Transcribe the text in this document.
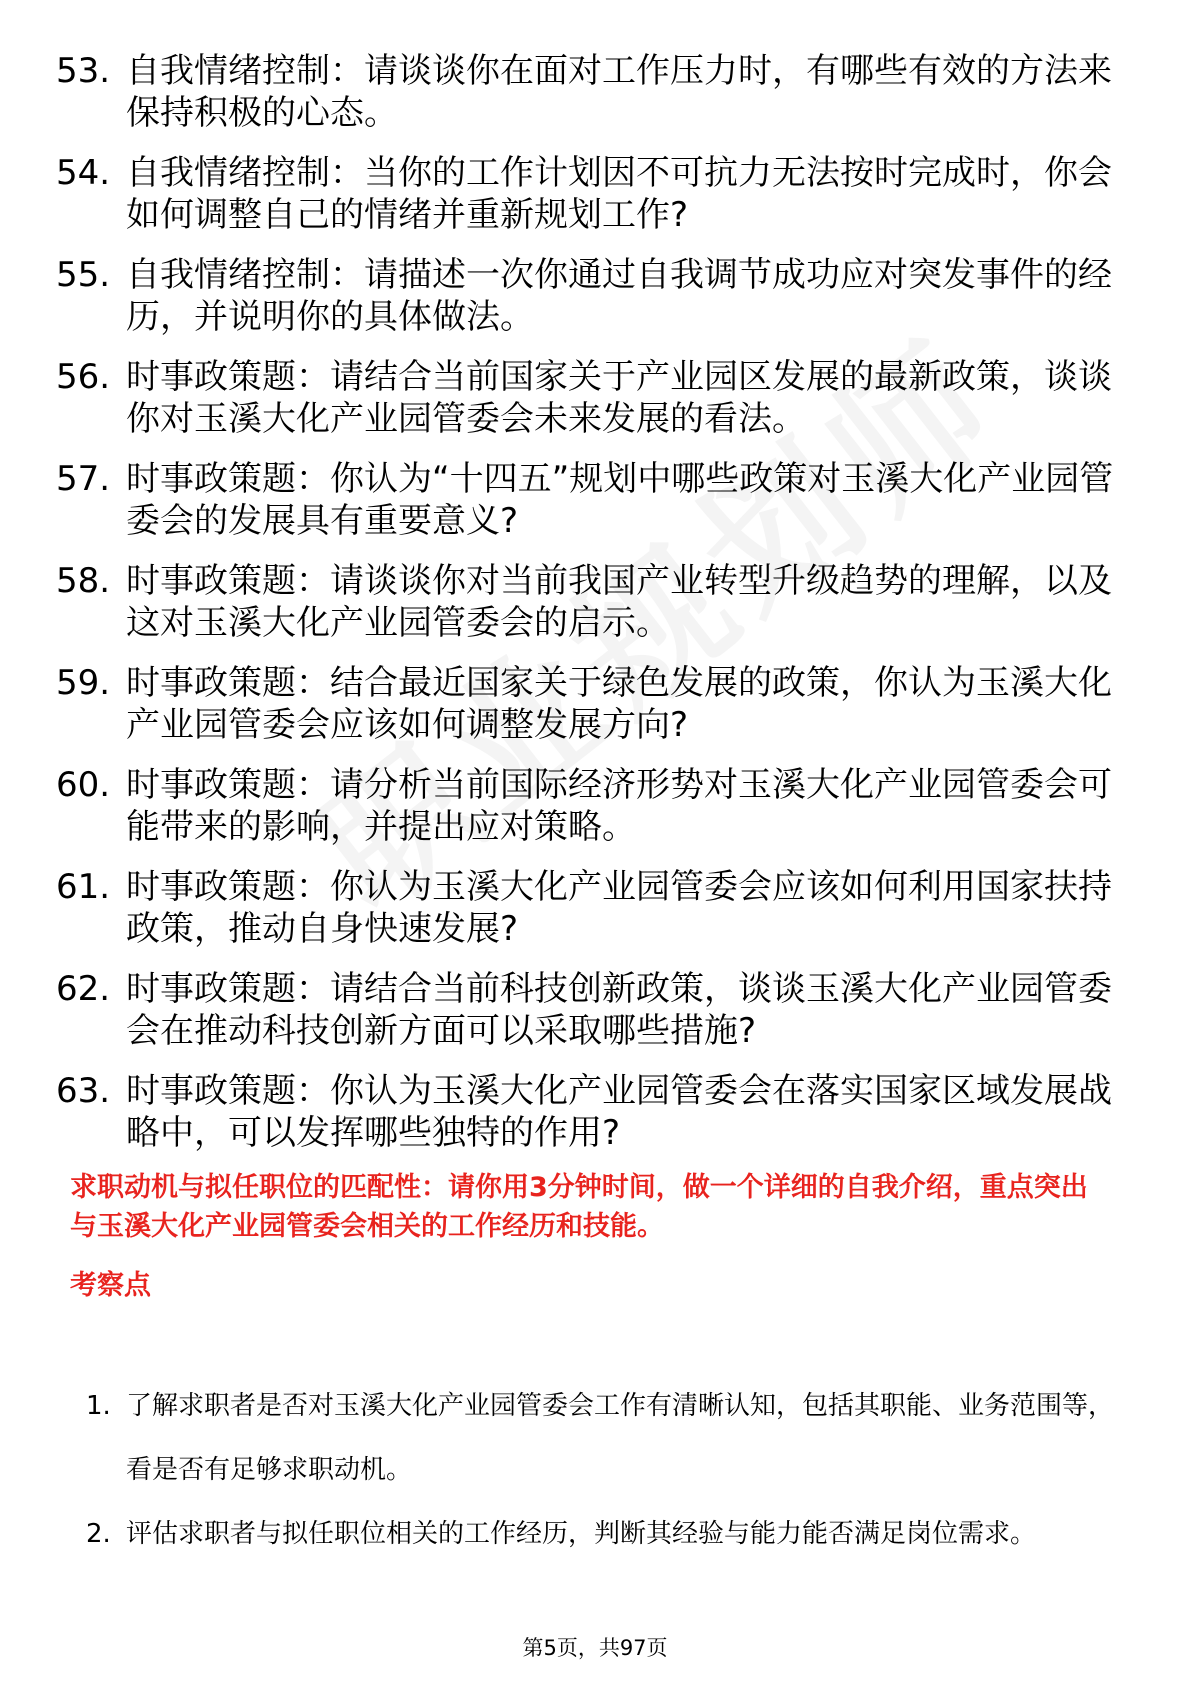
53. 自我情绪控制：请谈谈你在面对工作压力时，有哪些有效的方法来保持积极的心态。
54. 自我情绪控制：当你的工作计划因不可抗力无法按时完成时，你会如何调整自己的情绪并重新规划工作?
55. 自我情绪控制：请描述一次你通过自我调节成功应对突发事件的经历，并说明你的具体做法。
56. 时事政策题：请结合当前国家关于产业园区发展的最新政策，谈谈你对玉溪大化产业园管委会未来发展的看法。
57. 时事政策题：你认为“十四五”规划中哪些政策对玉溪大化产业园管委会的发展具有重要意义?
58. 时事政策题：请谈谈你对当前我国产业转型升级趋势的理解，以及这对玉溪大化产业园管委会的启示。
59. 时事政策题：结合最近国家关于绿色发展的政策，你认为玉溪大化产业园管委会应该如何调整发展方向?
60. 时事政策题：请分析当前国际经济形势对玉溪大化产业园管委会可能带来的影响，并提出应对策略。
61. 时事政策题：你认为玉溪大化产业园管委会应该如何利用国家扶持政策，推动自身快速发展?
62. 时事政策题：请结合当前科技创新政策，谈谈玉溪大化产业园管委会在推动科技创新方面可以采取哪些措施?
63. 时事政策题：你认为玉溪大化产业园管委会在落实国家区域发展战略中，可以发挥哪些独特的作用?
求职动机与拟任职位的匹配性：请你用3分钟时间，做一个详细的自我介绍，重点突出与玉溪大化产业园管委会相关的工作经历和技能。
考察点
1. 了解求职者是否对玉溪大化产业园管委会工作有清晰认知，包括其职能、业务范围等，看是否有足够求职动机。
2. 评估求职者与拟任职位相关的工作经历，判断其经验与能力能否满足岗位需求。
第5页，共97页
